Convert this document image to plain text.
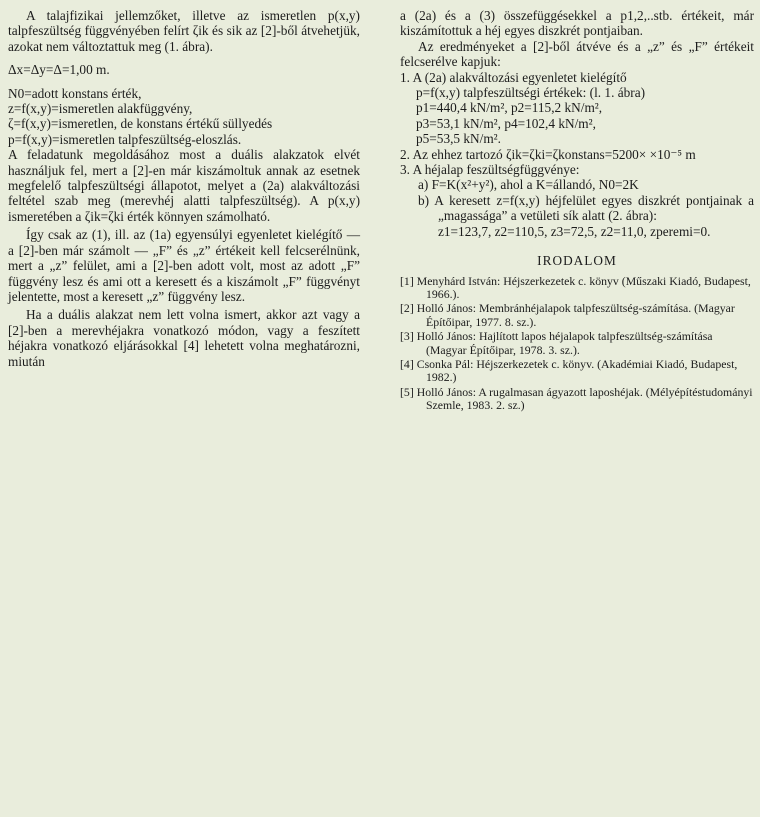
A talajfizikai jellemzőket, illetve az ismeretlen p(x,y) talpfeszültség függvényében felírt ζik és sik az [2]-ből átvehetjük, azokat nem változtattuk meg (1. ábra).

Δx=Δy=Δ=1,00 m.

N0=adott konstans érték,

z=f(x,y)=ismeretlen alakfüggvény,

ζ=f(x,y)=ismeretlen, de konstans értékű süllyedés

p=f(x,y)=ismeretlen talpfeszültség-eloszlás.

A feladatunk megoldásához most a duális alakzatok elvét használjuk fel, mert a [2]-en már kiszámoltuk annak az esetnek megfelelő talpfeszültségi állapotot, melyet a (2a) alakváltozási feltétel szab meg (merevhéj alatti talpfeszültség). A p(x,y) ismeretében a ζik=ζki érték könnyen számolható.

Így csak az (1), ill. az (1a) egyensúlyi egyenletet kielégítő — a [2]-ben már számolt — „F” és „z” értékeit kell felcserélnünk, mert a „z” felület, ami a [2]-ben adott volt, most az adott „F” függvény lesz és ami ott a keresett és a kiszámolt „F” függvényt jelentette, most a keresett „z” függvény lesz.

Ha a duális alakzat nem lett volna ismert, akkor azt vagy a [2]-ben a merevhéjakra vonatkozó módon, vagy a feszített héjakra vonatkozó eljárásokkal [4] lehetett volna meghatározni, miután

a (2a) és a (3) összefüggésekkel a p1,2,..stb. értékeit, már kiszámítottuk a héj egyes diszkrét pontjaiban.

Az eredményeket a [2]-ből átvéve és a „z” és „F” értékeit felcserélve kapjuk:

1. A (2a) alakváltozási egyenletet kielégítő

p=f(x,y) talpfeszültségi értékek: (l. 1. ábra)

p1=440,4 kN/m², p2=115,2 kN/m²,

p3=53,1 kN/m², p4=102,4 kN/m²,

p5=53,5 kN/m².

2. Az ehhez tartozó ζik=ζki=ζkonstans=5200× ×10⁻⁵ m

3. A héjalap feszültségfüggvénye:

a) F=K(x²+y²), ahol a K=állandó, N0=2K

b) A keresett z=f(x,y) héjfelület egyes diszkrét pontjainak a „magassága” a vetületi sík alatt (2. ábra):

z1=123,7, z2=110,5, z3=72,5, z2=11,0, zperemi=0.

IRODALOM

[1] Menyhárd István: Héjszerkezetek c. könyv (Műszaki Kiadó, Budapest, 1966.).

[2] Holló János: Membránhéjalapok talpfeszültség-számítása. (Magyar Építőipar, 1977. 8. sz.).

[3] Holló János: Hajlított lapos héjalapok talpfeszültség-számítása (Magyar Építőipar, 1978. 3. sz.).

[4] Csonka Pál: Héjszerkezetek c. könyv. (Akadémiai Kiadó, Budapest, 1982.)

[5] Holló János: A rugalmasan ágyazott laposhéjak. (Mélyépítéstudományi Szemle, 1983. 2. sz.)
